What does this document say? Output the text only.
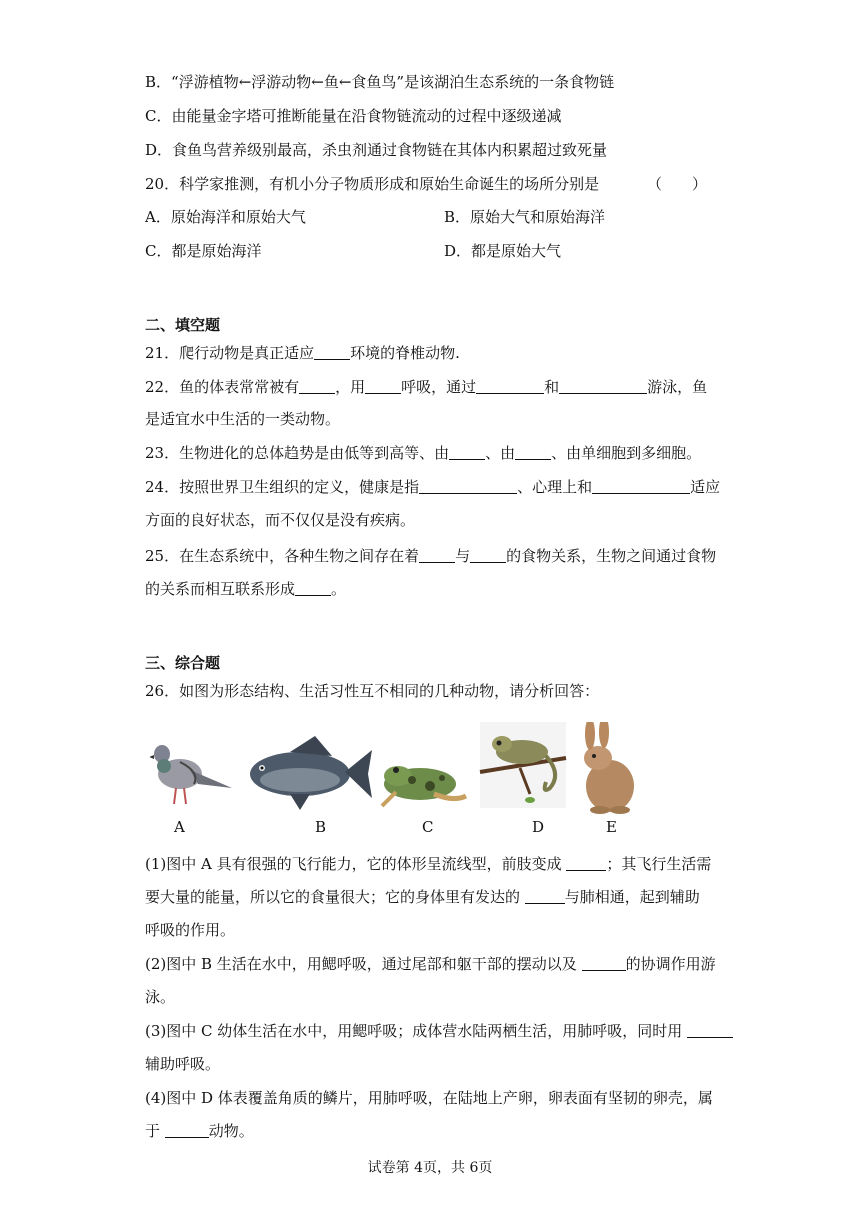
B．“浮游植物←浮游动物←鱼←食鱼鸟”是该湖泊生态系统的一条食物链
C．由能量金字塔可推断能量在沿食物链流动的过程中逐级递减
D．食鱼鸟营养级别最高，杀虫剂通过食物链在其体内积累超过致死量
20．科学家推测，有机小分子物质形成和原始生命诞生的场所分别是	（　　）
A．原始海洋和原始大气	B．原始大气和原始海洋
C．都是原始海洋	D．都是原始大气
二、填空题
21．爬行动物是真正适应 环境的脊椎动物.
22．鱼的体表常常被有 ，用 呼吸，通过	和	游泳，鱼
是适宜水中生活的一类动物。
23．生物进化的总体趋势是由低等到高等、由 、由 、由单细胞到多细胞。
24．按照世界卫生组织的定义，健康是指	、心理上和	适应
方面的良好状态，而不仅仅是没有疾病。
25．在生态系统中，各种生物之间存在着 与 的食物关系，生物之间通过食物
的关系而相互联系形成 。
三、综合题
26．如图为形态结构、生活习性互不相同的几种动物，请分析回答：
A	B	C	D	E
(1)图中 A 具有很强的飞行能力，它的体形呈流线型，前肢变成	；其飞行生活需
要大量的能量，所以它的食量很大；它的身体里有发达的	与肺相通，起到辅助
呼吸的作用。
(2)图中 B 生活在水中，用鳃呼吸，通过尾部和躯干部的摆动以及	的协调作用游
泳。
(3)图中 C 幼体生活在水中，用鳃呼吸；成体营水陆两栖生活，用肺呼吸，同时用
辅助呼吸。
(4)图中 D 体表覆盖角质的鳞片，用肺呼吸，在陆地上产卵，卵表面有坚韧的卵壳，属
于	动物。
试卷第 4页，共 6页
